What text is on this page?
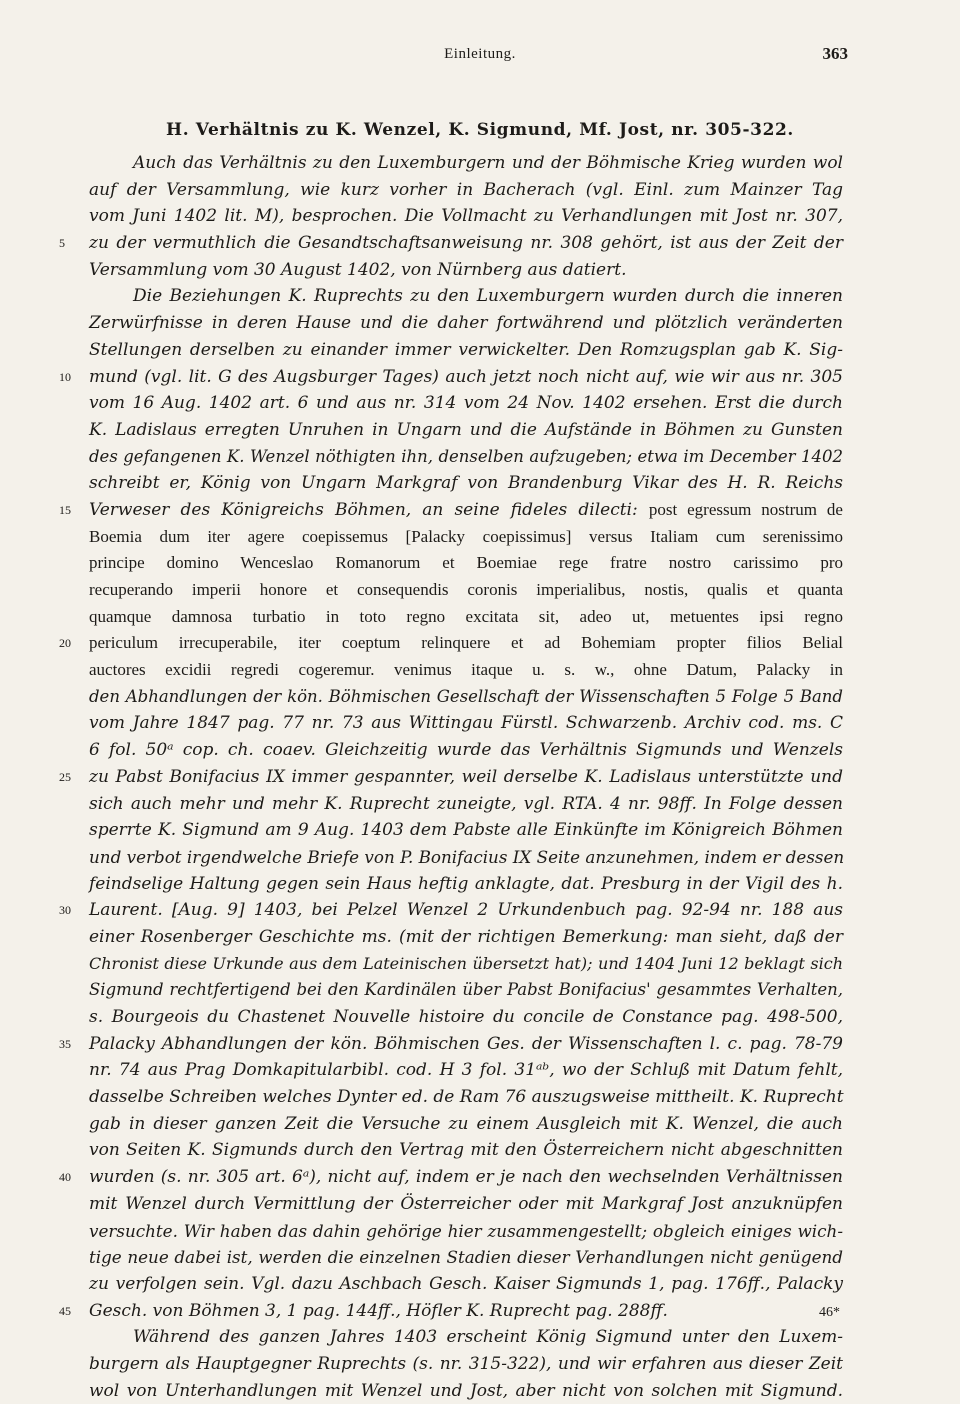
Einleitung.	363
H. Verhältnis zu K. Wenzel, K. Sigmund, Mf. Jost, nr. 305-322.
Auch das Verhältnis zu den Luxemburgern und der Böhmische Krieg wurden wol
auf der Versammlung, wie kurz vorher in Bacherach (vgl. Einl. zum Mainzer Tag
vom Juni 1402 lit. M), besprochen. Die Vollmacht zu Verhandlungen mit Jost nr. 307,
5 zu der vermuthlich die Gesandtschaftsanweisung nr. 308 gehört, ist aus der Zeit der
Versammlung vom 30 August 1402, von Nürnberg aus datiert.
Die Beziehungen K. Ruprechts zu den Luxemburgern wurden durch die inneren
Zerwürfnisse in deren Hause und die daher fortwährend und plötzlich veränderten
Stellungen derselben zu einander immer verwickelter. Den Romzugsplan gab K. Sig-
10 mund (vgl. lit. G des Augsburger Tages) auch jetzt noch nicht auf, wie wir aus nr. 305
vom 16 Aug. 1402 art. 6 und aus nr. 314 vom 24 Nov. 1402 ersehen. Erst die durch
K. Ladislaus erregten Unruhen in Ungarn und die Aufstände in Böhmen zu Gunsten
des gefangenen K. Wenzel nöthigten ihn, denselben aufzugeben; etwa im December 1402
schreibt er, König von Ungarn Markgraf von Brandenburg Vikar des H. R. Reichs
15 Verweser des Königreichs Böhmen, an seine fideles dilecti: post egressum nostrum de
Boemia dum iter agere coepissemus [Palacky coepissimus] versus Italiam cum serenissimo
principe domino Wenceslao Romanorum et Boemiae rege fratre nostro carissimo pro
recuperando imperii honore et consequendis coronis imperialibus, nostis, qualis et quanta
quamque damnosa turbatio in toto regno excitata sit, adeo ut, metuentes ipsi regno
20 periculum irrecuperabile, iter coeptum relinquere et ad Bohemiam propter filios Belial
auctores excidii regredi cogeremur. venimus itaque u. s. w., ohne Datum, Palacky in
den Abhandlungen der kön. Böhmischen Gesellschaft der Wissenschaften 5 Folge 5 Band
vom Jahre 1847 pag. 77 nr. 73 aus Wittingau Fürstl. Schwarzenb. Archiv cod. ms. C
6 fol. 50ᵃ cop. ch. coaev. Gleichzeitig wurde das Verhältnis Sigmunds und Wenzels
25 zu Pabst Bonifacius IX immer gespannter, weil derselbe K. Ladislaus unterstützte und
sich auch mehr und mehr K. Ruprecht zuneigte, vgl. RTA. 4 nr. 98ff. In Folge dessen
sperrte K. Sigmund am 9 Aug. 1403 dem Pabste alle Einkünfte im Königreich Böhmen
und verbot irgendwelche Briefe von P. Bonifacius IX Seite anzunehmen, indem er dessen
feindselige Haltung gegen sein Haus heftig anklagte, dat. Presburg in der Vigil des h.
30 Laurent. [Aug. 9] 1403, bei Pelzel Wenzel 2 Urkundenbuch pag. 92-94 nr. 188 aus
einer Rosenberger Geschichte ms. (mit der richtigen Bemerkung: man sieht, daß der
Chronist diese Urkunde aus dem Lateinischen übersetzt hat); und 1404 Juni 12 beklagt sich
Sigmund rechtfertigend bei den Kardinälen über Pabst Bonifacius' gesammtes Verhalten,
s. Bourgeois du Chastenet Nouvelle histoire du concile de Constance pag. 498-500,
35 Palacky Abhandlungen der kön. Böhmischen Ges. der Wissenschaften l. c. pag. 78-79
nr. 74 aus Prag Domkapitularbibl. cod. H 3 fol. 31ᵃᵇ, wo der Schluß mit Datum fehlt,
dasselbe Schreiben welches Dynter ed. de Ram 76 auszugsweise mittheilt. K. Ruprecht
gab in dieser ganzen Zeit die Versuche zu einem Ausgleich mit K. Wenzel, die auch
von Seiten K. Sigmunds durch den Vertrag mit den Österreichern nicht abgeschnitten
40 wurden (s. nr. 305 art. 6ᵃ), nicht auf, indem er je nach den wechselnden Verhältnissen
mit Wenzel durch Vermittlung der Österreicher oder mit Markgraf Jost anzuknüpfen
versuchte. Wir haben das dahin gehörige hier zusammengestellt; obgleich einiges wich-
tige neue dabei ist, werden die einzelnen Stadien dieser Verhandlungen nicht genügend
zu verfolgen sein. Vgl. dazu Aschbach Gesch. Kaiser Sigmunds 1, pag. 176ff., Palacky
45 Gesch. von Böhmen 3, 1 pag. 144ff., Höfler K. Ruprecht pag. 288ff.
Während des ganzen Jahres 1403 erscheint König Sigmund unter den Luxem-
burgern als Hauptgegner Ruprechts (s. nr. 315-322), und wir erfahren aus dieser Zeit
wol von Unterhandlungen mit Wenzel und Jost, aber nicht von solchen mit Sigmund.
46*
